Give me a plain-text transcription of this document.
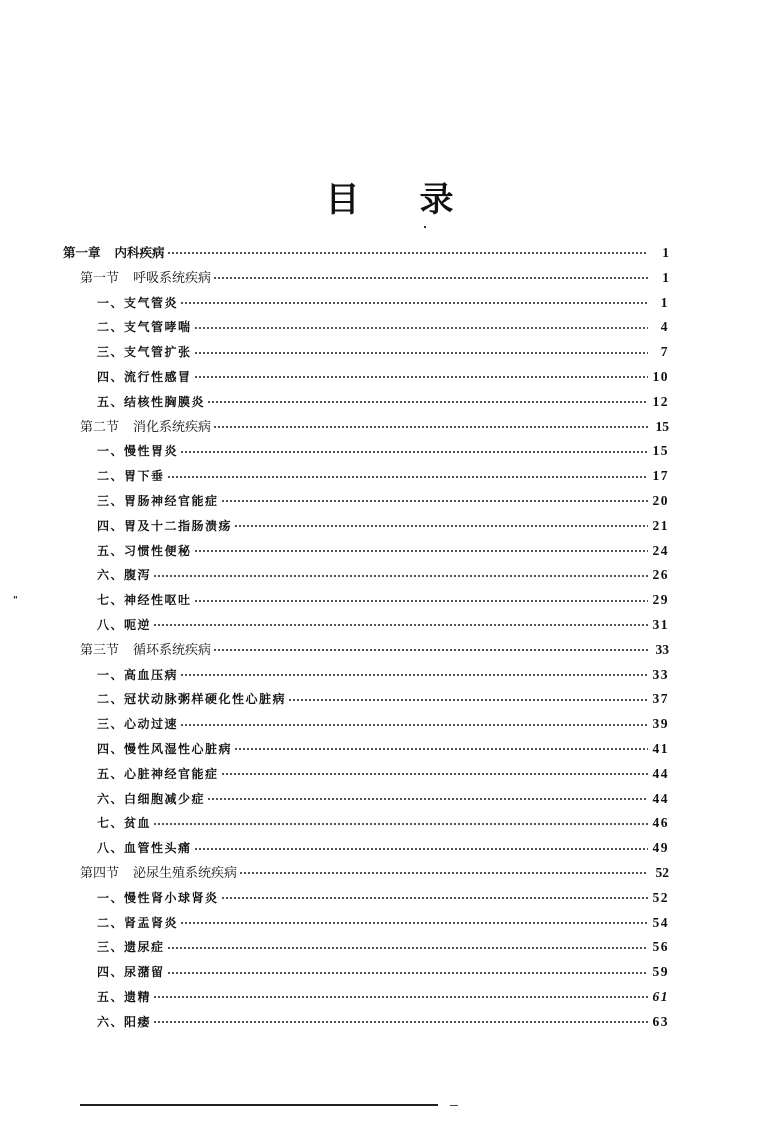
目 录
"
第一章 内科疾病	1
第一节 呼吸系统疾病	1
一、支气管炎	1
二、支气管哮喘	4
三、支气管扩张	7
四、流行性感冒	10
五、结核性胸膜炎	12
第二节 消化系统疾病	15
一、慢性胃炎	15
二、胃下垂	17
三、胃肠神经官能症	20
四、胃及十二指肠溃疡	21
五、习惯性便秘	24
六、腹泻	26
七、神经性呕吐	29
八、呃逆	31
第三节 循环系统疾病	33
一、高血压病	33
二、冠状动脉粥样硬化性心脏病	37
三、心动过速	39
四、慢性风湿性心脏病	41
五、心脏神经官能症	44
六、白细胞减少症	44
七、贫血	46
八、血管性头痛	49
第四节 泌尿生殖系统疾病	52
一、慢性肾小球肾炎	52
二、肾盂肾炎	54
三、遗尿症	56
四、尿潴留	59
五、遗精	61
六、阳痿	63
